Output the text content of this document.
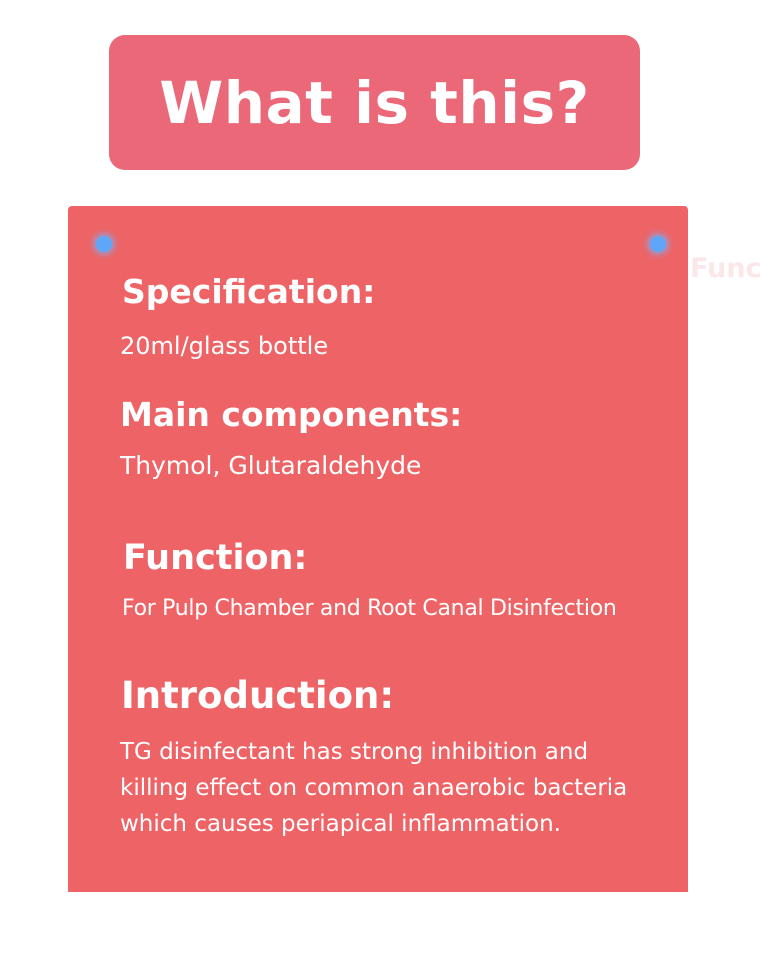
What is this?
Func
Specification:
20ml/glass bottle
Main components:
Thymol, Glutaraldehyde
Function:
For Pulp Chamber and Root Canal Disinfection
Introduction:
TG disinfectant has strong inhibition and
killing effect on common anaerobic bacteria
which causes periapical inflammation.
